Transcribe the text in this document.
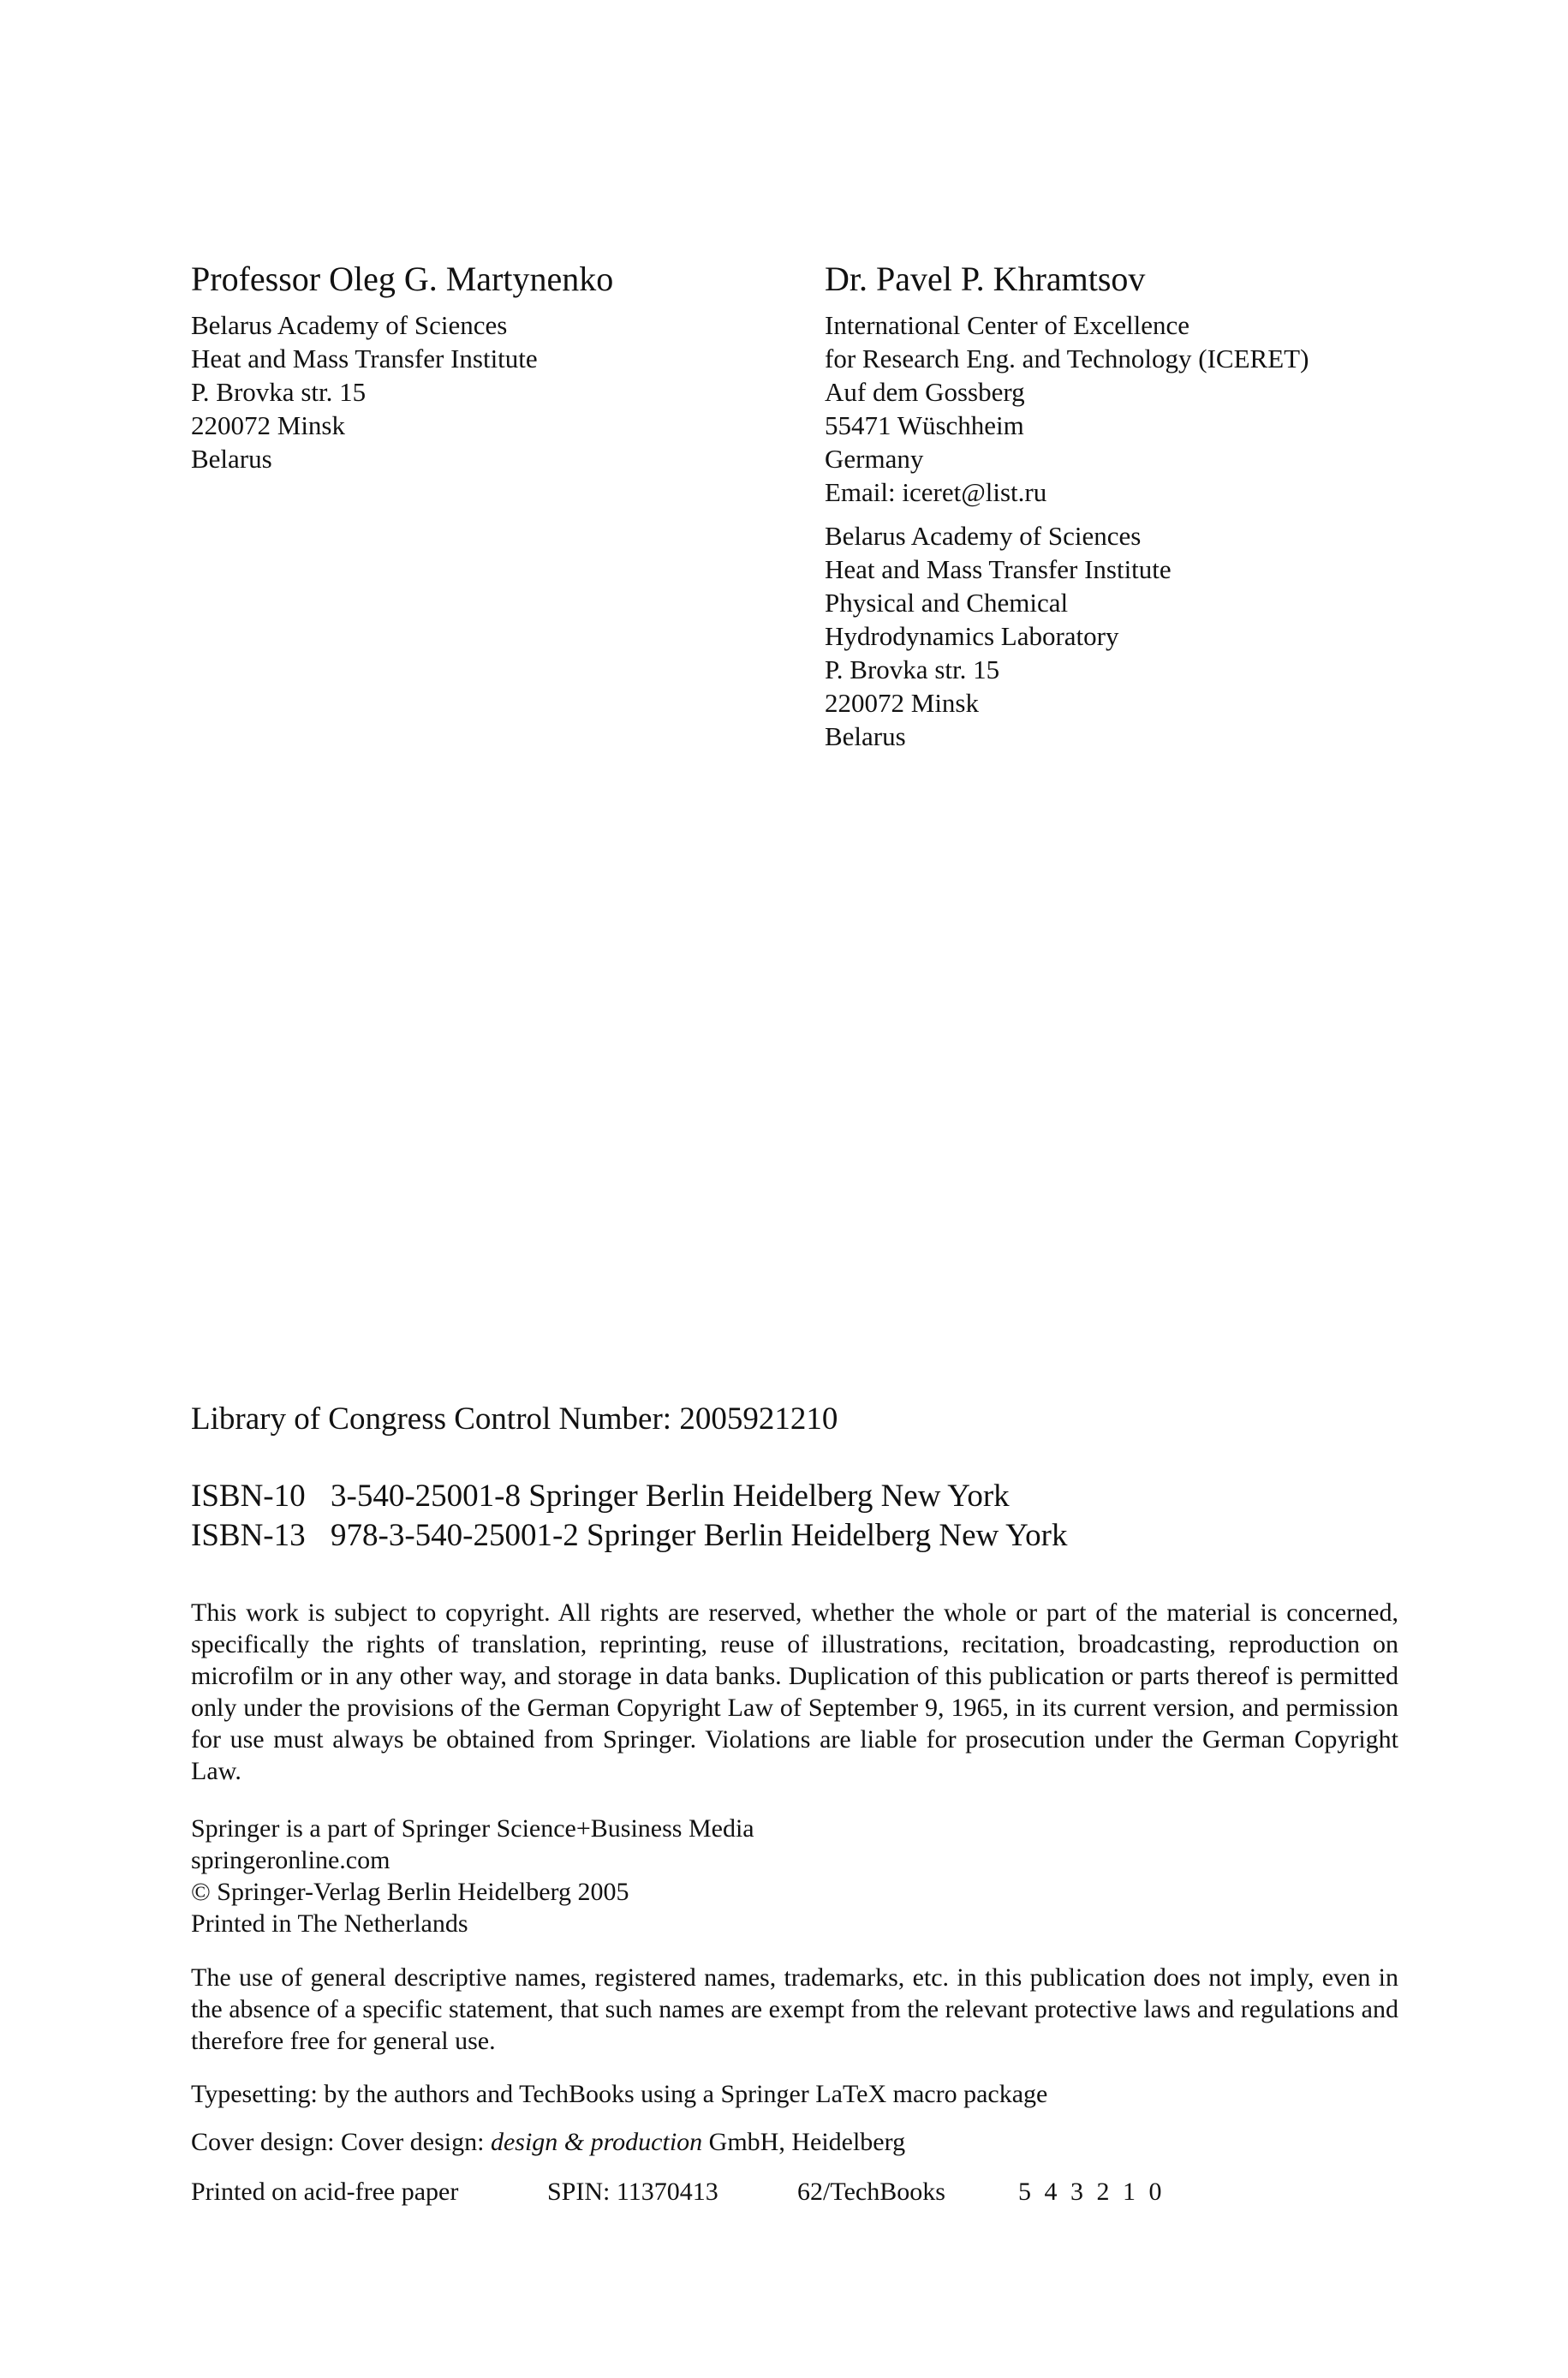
Professor Oleg G. Martynenko
Belarus Academy of Sciences
Heat and Mass Transfer Institute
P. Brovka str. 15
220072 Minsk
Belarus
Dr. Pavel P. Khramtsov
International Center of Excellence
for Research Eng. and Technology (ICERET)
Auf dem Gossberg
55471 Wüschheim
Germany
Email: iceret@list.ru
Belarus Academy of Sciences
Heat and Mass Transfer Institute
Physical and Chemical
Hydrodynamics Laboratory
P. Brovka str. 15
220072 Minsk
Belarus
Library of Congress Control Number: 2005921210
ISBN-10 3-540-25001-8 Springer Berlin Heidelberg New York
ISBN-13 978-3-540-25001-2 Springer Berlin Heidelberg New York
This work is subject to copyright. All rights are reserved, whether the whole or part of the material is concerned, specifically the rights of translation, reprinting, reuse of illustrations, recitation, broadcasting, reproduction on microfilm or in any other way, and storage in data banks. Duplication of this publication or parts thereof is permitted only under the provisions of the German Copyright Law of September 9, 1965, in its current version, and permission for use must always be obtained from Springer. Violations are liable for prosecution under the German Copyright Law.
Springer is a part of Springer Science+Business Media
springeronline.com
© Springer-Verlag Berlin Heidelberg 2005
Printed in The Netherlands
The use of general descriptive names, registered names, trademarks, etc. in this publication does not imply, even in the absence of a specific statement, that such names are exempt from the relevant protective laws and regulations and therefore free for general use.
Typesetting: by the authors and TechBooks using a Springer LaTeX macro package
Cover design: Cover design: design & production GmbH, Heidelberg
Printed on acid-free paper	SPIN: 11370413	62/TechBooks	5 4 3 2 1 0
